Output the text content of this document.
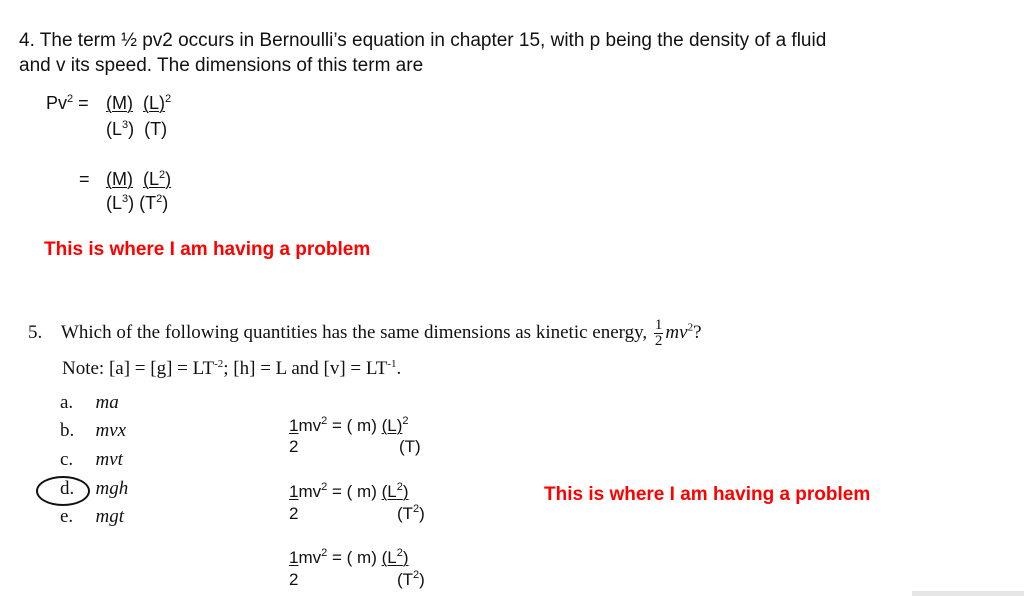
4. The term ½ pv2 occurs in Bernoulli’s equation in chapter 15, with p being the density of a fluid
and v its speed. The dimensions of this term are
$Pv^2 = (M)$ $(L)^2$
$(L^3)$ (T)
= (M) $(L^2)$
$(L^3)$ $(T^2)$
This is where I am having a problem
5. Which of the following quantities has the same dimensions as kinetic energy, $\frac{1}{2} mv^2$?
Note: $[a] = [g] = LT^{-2}$; [h] = L and $[v] = LT^{-1}$.
a. ma
b. mvx
c. mvt
d. mgh
e. mgt
$1mv^2$ = ( m) $(L)^2$
2	(T)
$1mv^2$ = ( m) $(L^2)$
2	$(T^2)$
This is where I am having a problem
$1mv^2$ = ( m) $(L^2)$
2	$(T^2)$
